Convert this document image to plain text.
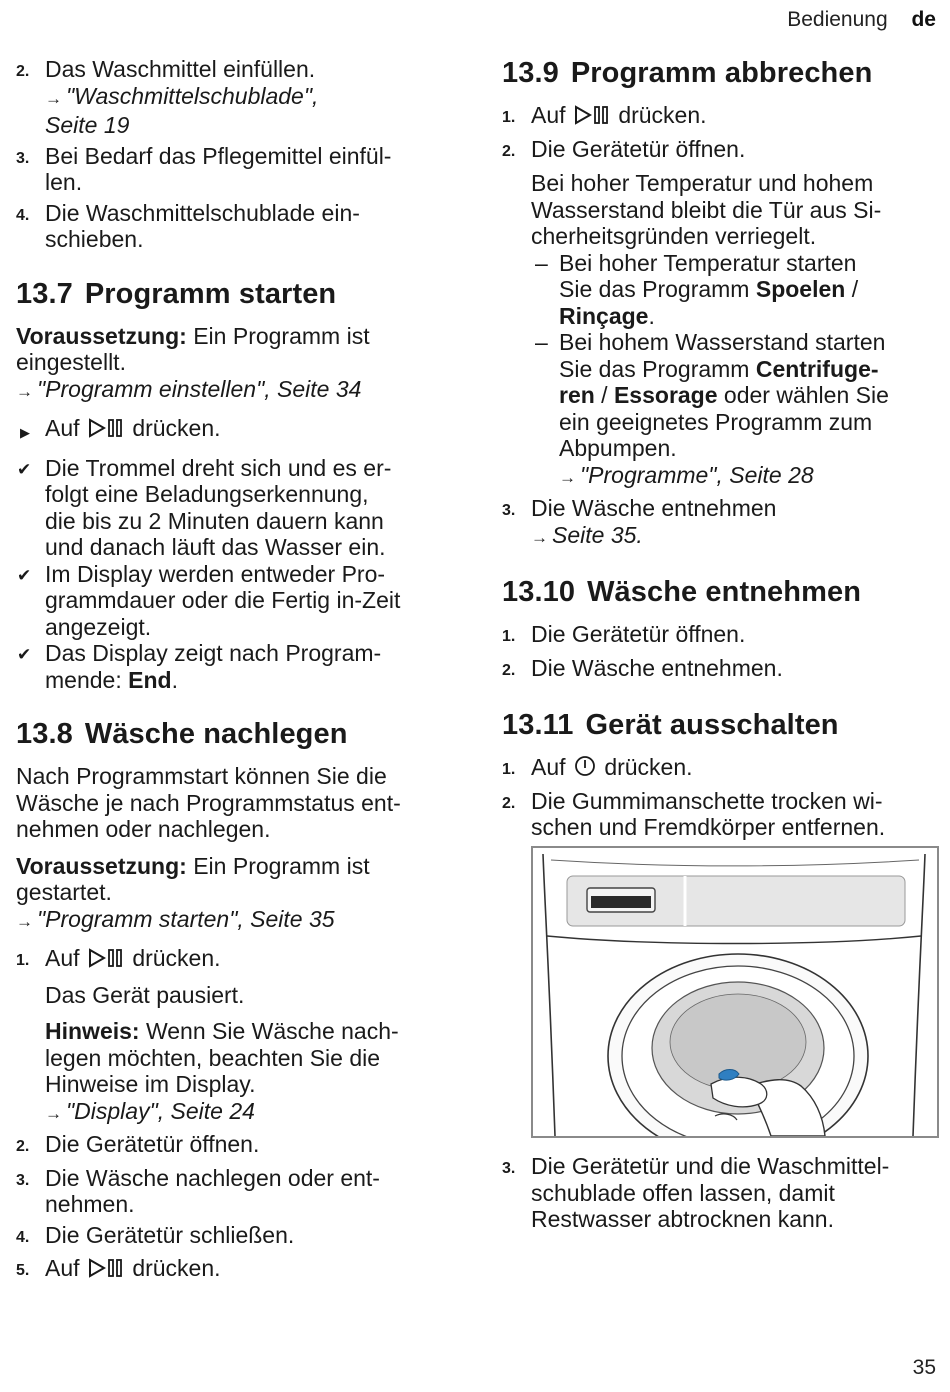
Bedienung de
2. Das Waschmittel einfüllen.
→ "Waschmittelschublade",
Seite 19
3. Bei Bedarf das Pflegemittel einfül-
len.
4. Die Waschmittelschublade ein-
schieben.
13.7 Programm starten
Voraussetzung: Ein Programm ist
eingestellt.
→ "Programm einstellen", Seite 34
▶ Auf drücken.
✔ Die Trommel dreht sich und es er-
folgt eine Beladungserkennung,
die bis zu 2 Minuten dauern kann
und danach läuft das Wasser ein.
✔ Im Display werden entweder Pro-
grammdauer oder die Fertig in-Zeit
angezeigt.
✔ Das Display zeigt nach Program-
mende: End.
13.8 Wäsche nachlegen
Nach Programmstart können Sie die
Wäsche je nach Programmstatus ent-
nehmen oder nachlegen.
Voraussetzung: Ein Programm ist
gestartet.
→ "Programm starten", Seite 35
1. Auf drücken.
Das Gerät pausiert.
Hinweis: Wenn Sie Wäsche nach-
legen möchten, beachten Sie die
Hinweise im Display.
→ "Display", Seite 24
2. Die Gerätetür öffnen.
3. Die Wäsche nachlegen oder ent-
nehmen.
4. Die Gerätetür schließen.
5. Auf drücken.
13.9 Programm abbrechen
1. Auf drücken.
2. Die Gerätetür öffnen.
Bei hoher Temperatur und hohem
Wasserstand bleibt die Tür aus Si-
cherheitsgründen verriegelt.
– Bei hoher Temperatur starten
Sie das Programm Spoelen /
Rinçage.
– Bei hohem Wasserstand starten
Sie das Programm Centrifuge-
ren / Essorage oder wählen Sie
ein geeignetes Programm zum
Abpumpen.
→ "Programme", Seite 28
3. Die Wäsche entnehmen
→ Seite 35.
13.10 Wäsche entnehmen
1. Die Gerätetür öffnen.
2. Die Wäsche entnehmen.
13.11 Gerät ausschalten
1. Auf drücken.
2. Die Gummimanschette trocken wi-
schen und Fremdkörper entfernen.
3. Die Gerätetür und die Waschmittel-
schublade offen lassen, damit
Restwasser abtrocknen kann.
35
